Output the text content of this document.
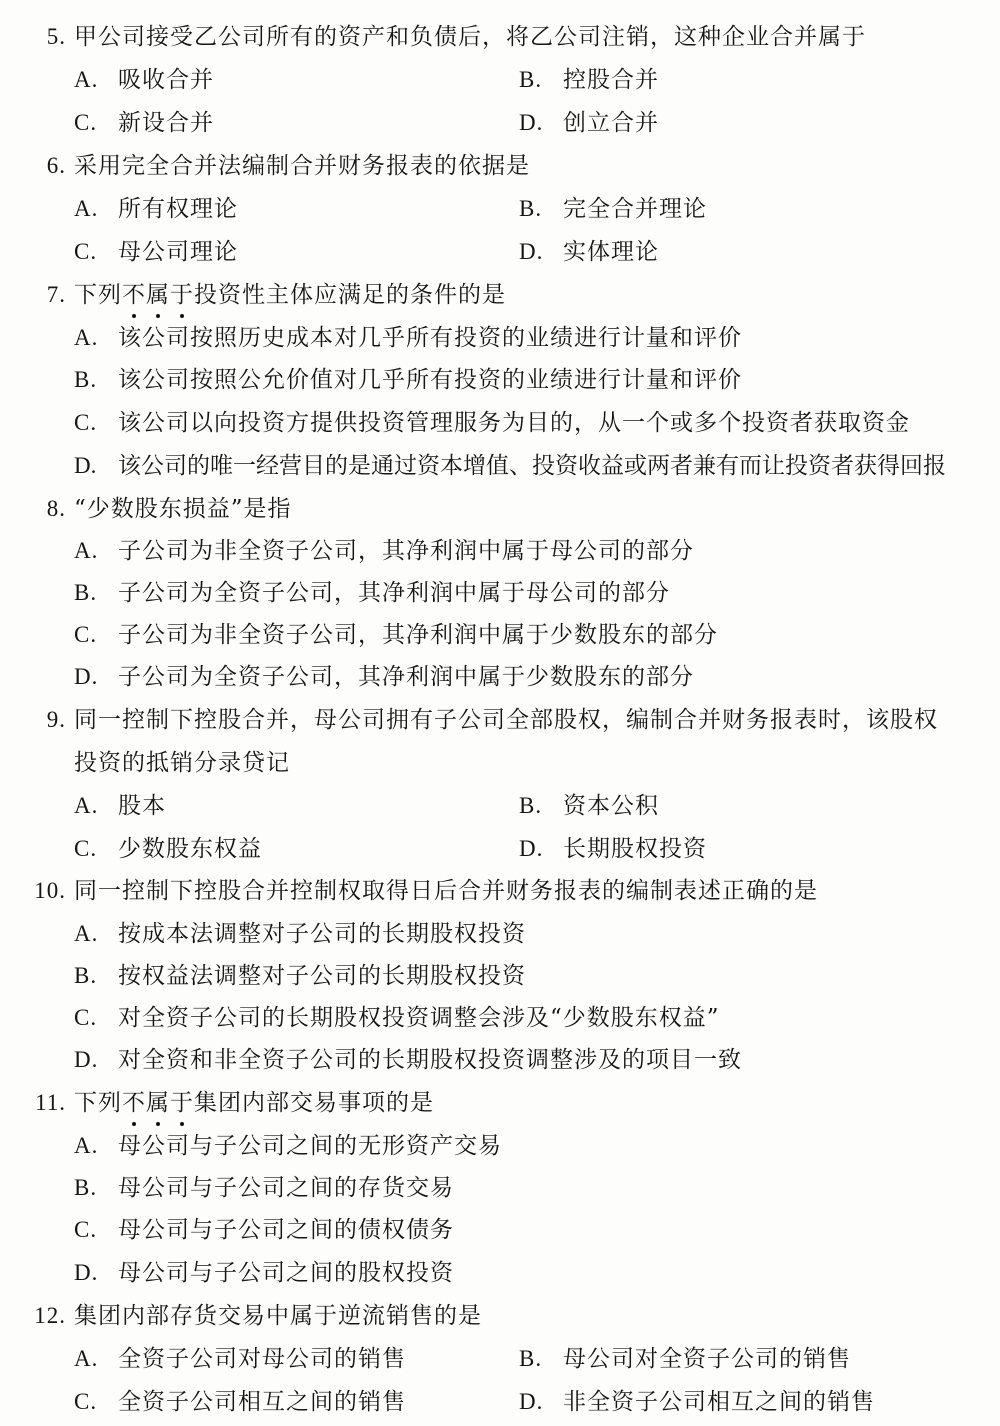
5. 甲公司接受乙公司所有的资产和负债后，将乙公司注销，这种企业合并属于
A. 吸收合并	B. 控股合并
C. 新设合并	D. 创立合并
6. 采用完全合并法编制合并财务报表的依据是
A. 所有权理论	B. 完全合并理论
C. 母公司理论	D. 实体理论
7. 下列不属于投资性主体应满足的条件的是
A. 该公司按照历史成本对几乎所有投资的业绩进行计量和评价
B. 该公司按照公允价值对几乎所有投资的业绩进行计量和评价
C. 该公司以向投资方提供投资管理服务为目的，从一个或多个投资者获取资金
D. 该公司的唯一经营目的是通过资本增值、投资收益或两者兼有而让投资者获得回报
8. “少数股东损益”是指
A. 子公司为非全资子公司，其净利润中属于母公司的部分
B. 子公司为全资子公司，其净利润中属于母公司的部分
C. 子公司为非全资子公司，其净利润中属于少数股东的部分
D. 子公司为全资子公司，其净利润中属于少数股东的部分
9. 同一控制下控股合并，母公司拥有子公司全部股权，编制合并财务报表时，该股权
投资的抵销分录贷记
A. 股本	B. 资本公积
C. 少数股东权益	D. 长期股权投资
10. 同一控制下控股合并控制权取得日后合并财务报表的编制表述正确的是
A. 按成本法调整对子公司的长期股权投资
B. 按权益法调整对子公司的长期股权投资
C. 对全资子公司的长期股权投资调整会涉及“少数股东权益”
D. 对全资和非全资子公司的长期股权投资调整涉及的项目一致
11. 下列不属于集团内部交易事项的是
A. 母公司与子公司之间的无形资产交易
B. 母公司与子公司之间的存货交易
C. 母公司与子公司之间的债权债务
D. 母公司与子公司之间的股权投资
12. 集团内部存货交易中属于逆流销售的是
A. 全资子公司对母公司的销售	B. 母公司对全资子公司的销售
C. 全资子公司相互之间的销售	D. 非全资子公司相互之间的销售
